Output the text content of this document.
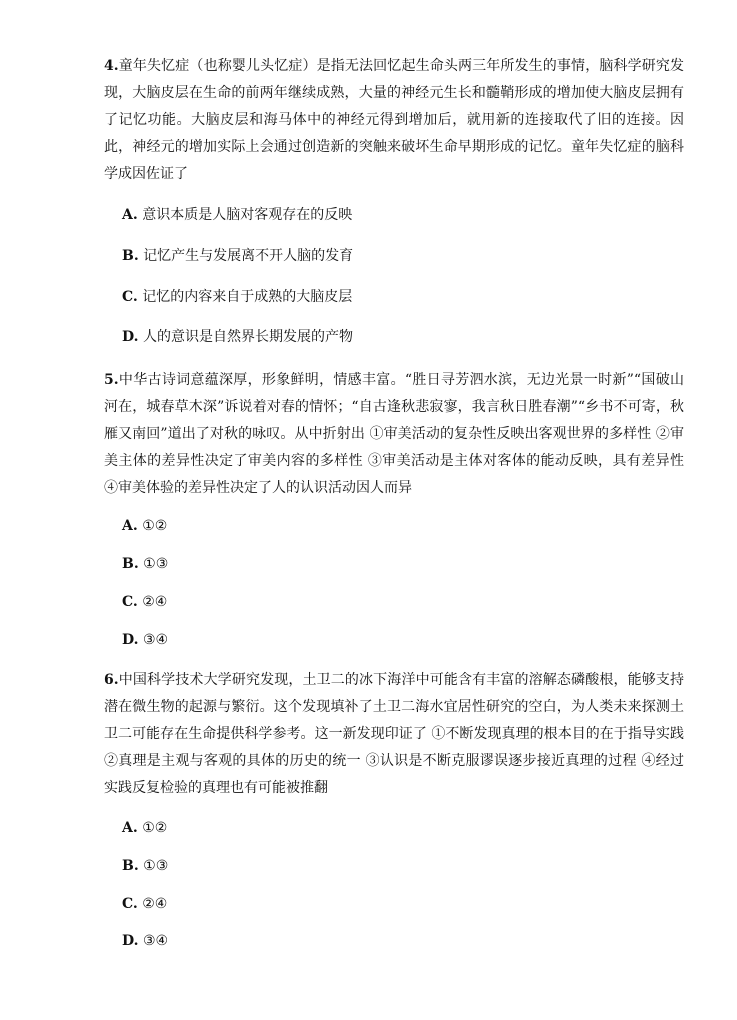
4.童年失忆症（也称婴儿头忆症）是指无法回忆起生命头两三年所发生的事情，脑科学研究发现，大脑皮层在生命的前两年继续成熟，大量的神经元生长和髓鞘形成的增加使大脑皮层拥有了记忆功能。大脑皮层和海马体中的神经元得到增加后，就用新的连接取代了旧的连接。因此，神经元的增加实际上会通过创造新的突触来破坏生命早期形成的记忆。童年失忆症的脑科学成因佐证了
A. 意识本质是人脑对客观存在的反映
B. 记忆产生与发展离不开人脑的发育
C. 记忆的内容来自于成熟的大脑皮层
D. 人的意识是自然界长期发展的产物
5.中华古诗词意蕴深厚，形象鲜明，情感丰富。“胜日寻芳泗水滨，无边光景一时新”“国破山河在，城春草木深”诉说着对春的情怀；“自古逢秋悲寂寥，我言秋日胜春潮”“乡书不可寄，秋雁又南回”道出了对秋的咏叹。从中折射出 ①审美活动的复杂性反映出客观世界的多样性 ②审美主体的差异性决定了审美内容的多样性 ③审美活动是主体对客体的能动反映，具有差异性 ④审美体验的差异性决定了人的认识活动因人而异
A. ①②
B. ①③
C. ②④
D. ③④
6.中国科学技术大学研究发现，土卫二的冰下海洋中可能含有丰富的溶解态磷酸根，能够支持潜在微生物的起源与繁衍。这个发现填补了土卫二海水宜居性研究的空白，为人类未来探测土卫二可能存在生命提供科学参考。这一新发现印证了 ①不断发现真理的根本目的在于指导实践 ②真理是主观与客观的具体的历史的统一 ③认识是不断克服谬误逐步接近真理的过程 ④经过实践反复检验的真理也有可能被推翻
A. ①②
B. ①③
C. ②④
D. ③④
